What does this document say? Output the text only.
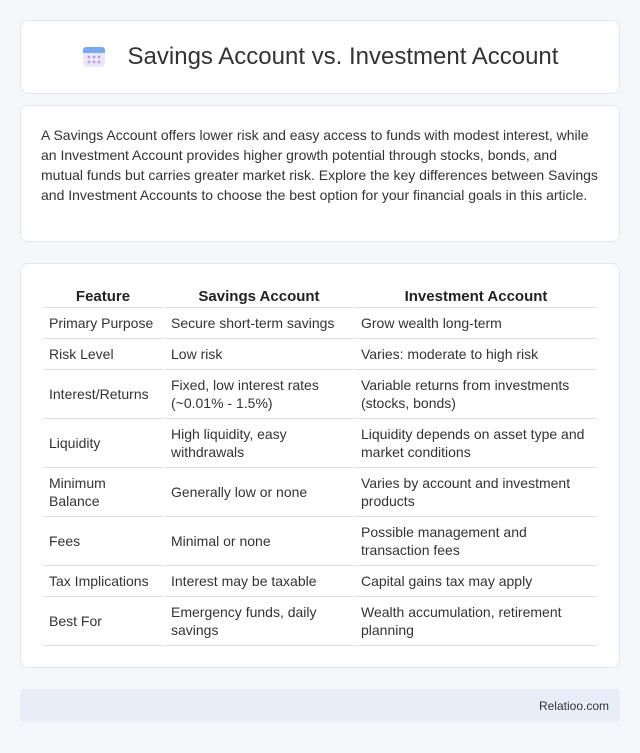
Savings Account vs. Investment Account

A Savings Account offers lower risk and easy access to funds with modest interest, while an Investment Account provides higher growth potential through stocks, bonds, and mutual funds but carries greater market risk. Explore the key differences between Savings and Investment Accounts to choose the best option for your financial goals in this article.

Feature	Savings Account	Investment Account
Primary Purpose	Secure short-term savings	Grow wealth long-term
Risk Level	Low risk	Varies: moderate to high risk
Interest/Returns	Fixed, low interest rates (~0.01% - 1.5%)	Variable returns from investments (stocks, bonds)
Liquidity	High liquidity, easy withdrawals	Liquidity depends on asset type and market conditions
Minimum Balance	Generally low or none	Varies by account and investment products
Fees	Minimal or none	Possible management and transaction fees
Tax Implications	Interest may be taxable	Capital gains tax may apply
Best For	Emergency funds, daily savings	Wealth accumulation, retirement planning
Relatioo.com
